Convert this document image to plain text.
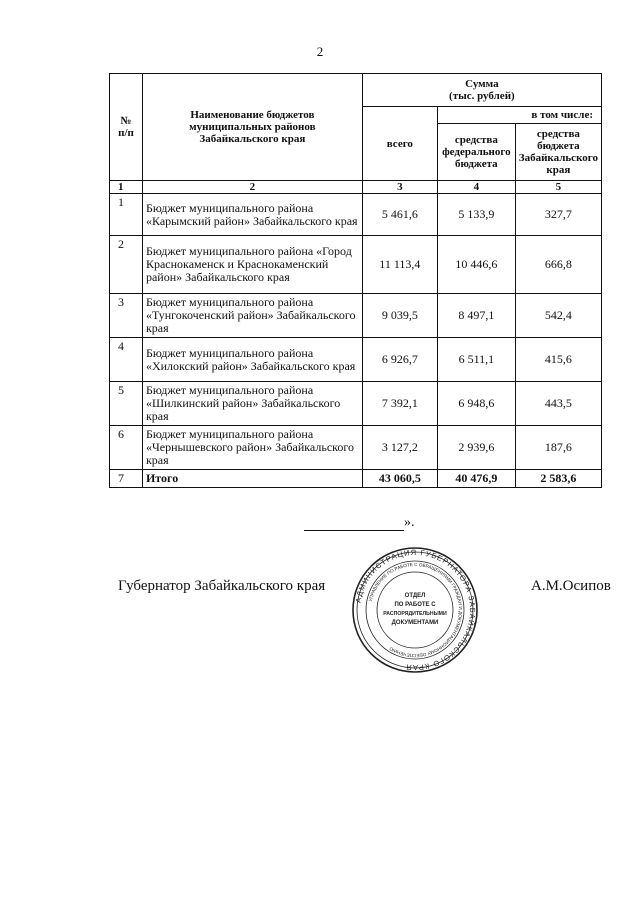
2
№
п/п	Наименование бюджетов муниципальных районов Забайкальского края	Сумма
(тыс. рублей)		
		всего	в том числе:	
			средства федерального бюджета	средства бюджета Забайкальского края
1	2	3	4	5
1	Бюджет муниципального района «Карымский район» Забайкальского края	5 461,6	5 133,9	327,7
2	Бюджет муниципального района «Город Краснокаменск и Краснокаменский район» Забайкальского края	11 113,4	10 446,6	666,8
3	Бюджет муниципального района «Тунгокоченский район» Забайкальского края	9 039,5	8 497,1	542,4
4	Бюджет муниципального района «Хилокский район» Забайкальского края	6 926,7	6 511,1	415,6
5	Бюджет муниципального района «Шилкинский район» Забайкальского края	7 392,1	6 948,6	443,5
6	Бюджет муниципального района «Чернышевского район» Забайкальского края	3 127,2	2 939,6	187,6
7	Итого	43 060,5	40 476,9	2 583,6
».
Губернатор Забайкальского края
АДМИНИСТРАЦИЯ ГУБЕРНАТОРА ЗАБАЙКАЛЬСКОГО КРАЯ
УПРАВЛЕНИЕ ПО РАБОТЕ С ОБРАЩЕНИЯМИ ГРАЖДАН И ДОКУМЕНТАЦИОННОМУ ОБЕСПЕЧЕНИЮ
ОТДЕЛ
ПО РАБОТЕ С
РАСПОРЯДИТЕЛЬНЫМИ
ДОКУМЕНТАМИ
А.М.Осипов
